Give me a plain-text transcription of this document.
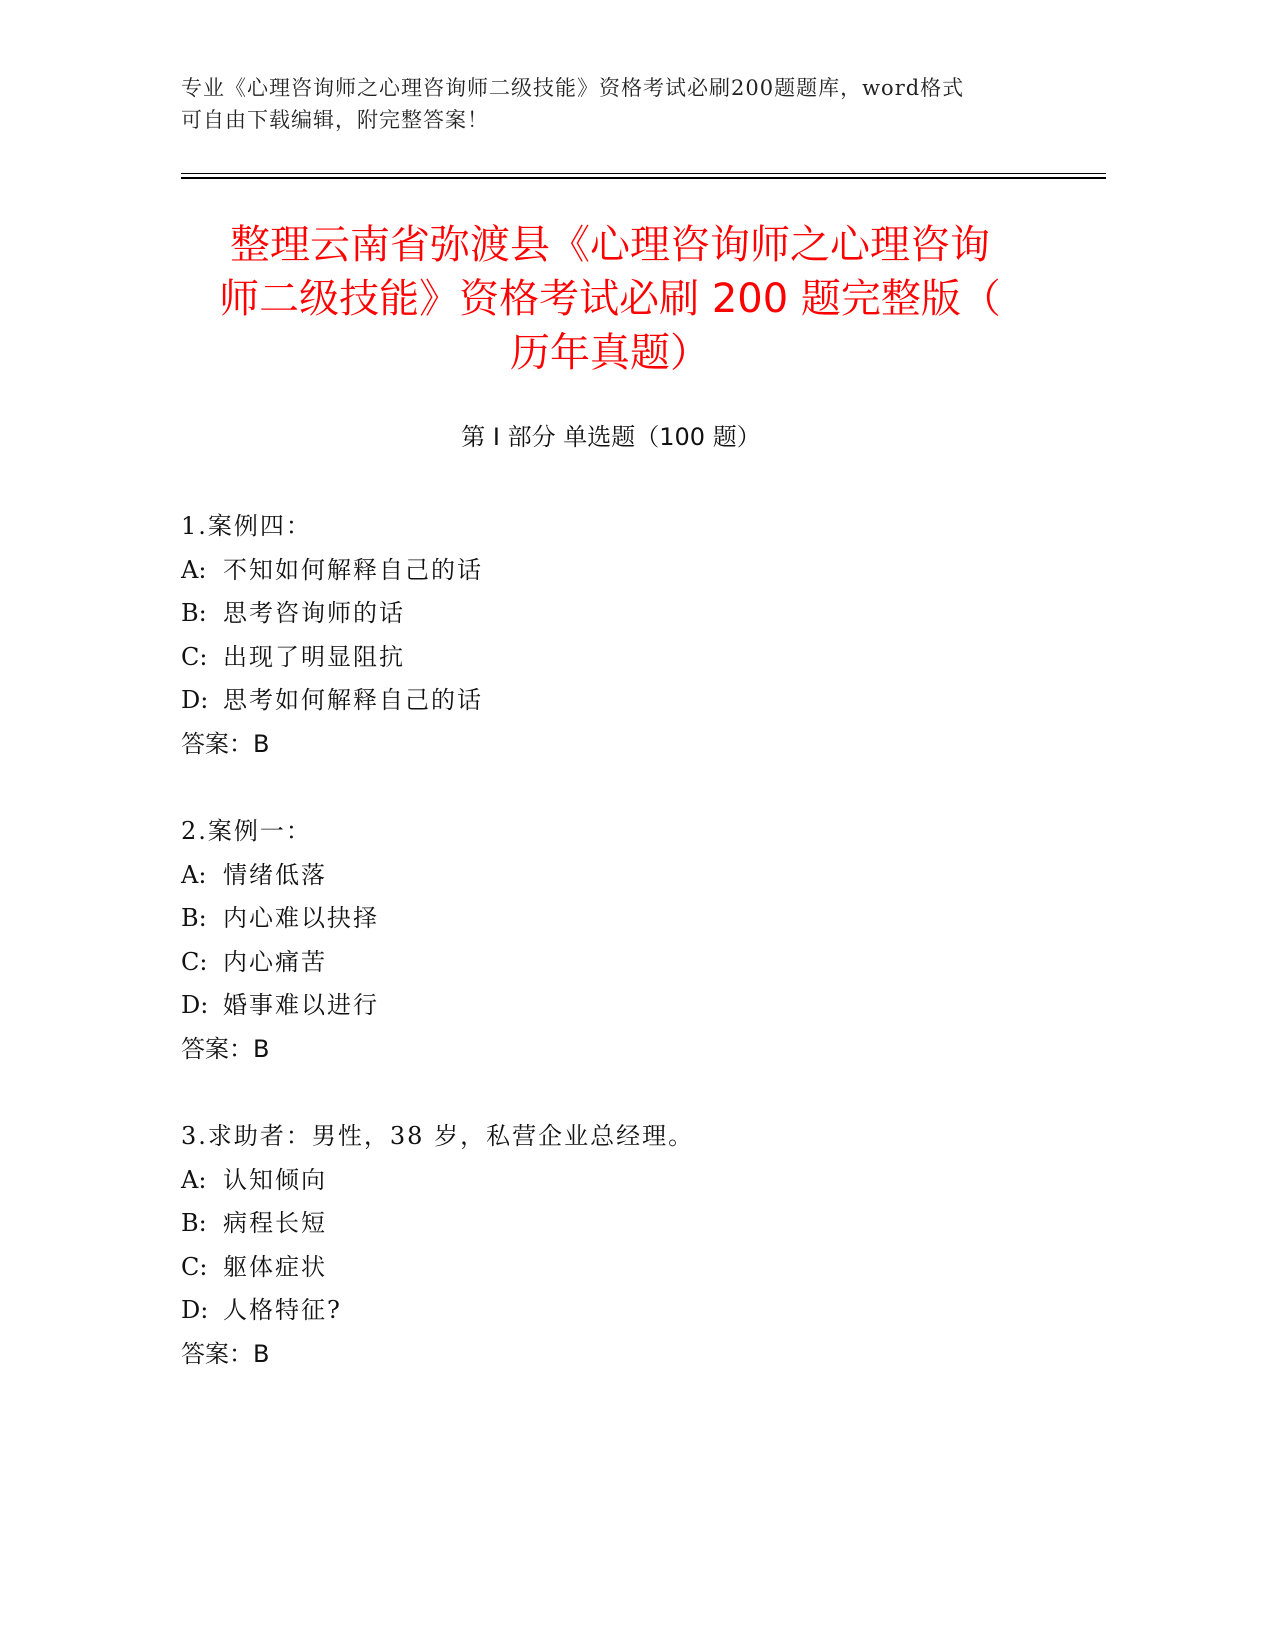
专业《心理咨询师之心理咨询师二级技能》资格考试必刷200题题库，word格式
可自由下载编辑，附完整答案！
整理云南省弥渡县《心理咨询师之心理咨询
师二级技能》资格考试必刷 200 题完整版（
历年真题）
第 I 部分 单选题（100 题）
1.案例四：
A: 不知如何解释自己的话
B: 思考咨询师的话
C: 出现了明显阻抗
D: 思考如何解释自己的话
答案：B
2.案例一：
A: 情绪低落
B: 内心难以抉择
C: 内心痛苦
D: 婚事难以进行
答案：B
3.求助者：男性，38 岁，私营企业总经理。
A: 认知倾向
B: 病程长短
C: 躯体症状
D: 人格特征?
答案：B
